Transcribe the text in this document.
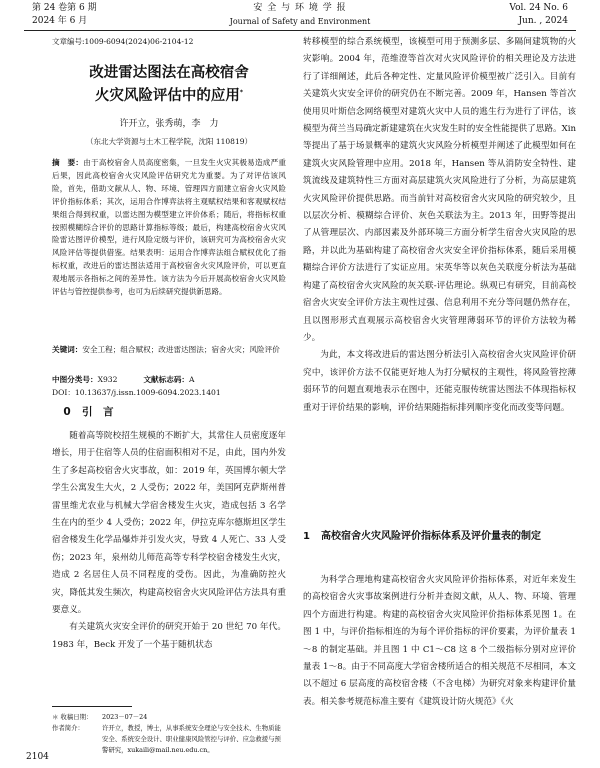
第 24 卷第 6 期
2024 年 6 月
安 全 与 环 境 学 报
Journal of Safety and Environment
Vol. 24 No. 6
Jun. , 2024
文章编号:1009-6094(2024)06-2104-12
改进雷达图法在高校宿舍
火灾风险评估中的应用*
许开立，张秀萌，李　力
（东北大学资源与土木工程学院，沈阳 110819）
摘　要：由于高校宿舍人员高度密集，一旦发生火灾其极易造成严重后果，因此高校宿舍火灾风险评估研究尤为重要。为了对评估该风险，首先，借助文献从人、物、环境、管理四方面建立宿舍火灾风险评价指标体系；其次，运用合作博弈法将主观赋权结果和客观赋权结果组合得到权重，以雷达图为模型建立评价体系；随后，将指标权重按照模糊综合评价的思路计算指标等级；最后，构建高校宿舍火灾风险雷达图评价模型，进行风险定级与评价，该研究可为高校宿舍火灾风险评估等提供借鉴。结果表明：运用合作博弈法组合赋权优化了指标权重，改进后的雷达图法适用于高校宿舍火灾风险评价，可以更直观地展示各指标之间的差异性。该方法为今后开展高校宿舍火灾风险评估与管控提供参考，也可为后续研究提供新思路。
关键词：安全工程；组合赋权；改进雷达图法；宿舍火灾；风险评价
中图分类号：X932	文献标志码：A
DOI：10.13637/j.issn.1009-6094.2023.1401
0 引　言

随着高等院校招生规模的不断扩大，其常住人员密度逐年增长，用于住宿等人员的住宿面积相对不足，由此，国内外发生了多起高校宿舍火灾事故，如：2019 年，英国博尔顿大学学生公寓发生大火，2 人受伤；2022 年，美国阿克萨斯州普雷里维尤农业与机械大学宿舍楼发生火灾，造成包括 3 名学生在内的至少 4 人受伤；2022 年，伊拉克库尔德斯坦区学生宿舍楼发生化学品爆炸并引发火灾，导致 4 人死亡、33 人受伤；2023 年，泉州幼儿师范高等专科学校宿舍楼发生火灾，造成 2 名居住人员不同程度的受伤。因此，为准确防控火灾，降低其发生频次，构建高校宿舍火灾风险评估方法具有重要意义。

有关建筑火灾安全评价的研究开始于 20 世纪 70 年代。1983 年，Beck 开发了一个基于随机状态

＊ 收稿日期：	2023－07－24
作者简介：	许开立，教授，博士，从事系统安全理论与安全技术、生物质能安全、系统安全设计、职业健康风险管控与评价、应急救援与预警研究，xukaili@mail.neu.edu.cn。
2104

转移模型的综合系统模型，该模型可用于预测多层、多隔间建筑物的火灾影响。2004 年，范维澄等首次对火灾风险评价的相关理论及方法进行了详细阐述，此后各种定性、定量风险评价模型被广泛引入。目前有关建筑火灾安全评价的研究仍在不断完善。2009 年，Hansen 等首次使用贝叶斯信念网络模型对建筑火灾中人员的逃生行为进行了评估，该模型为荷兰当局确定新建建筑在火灾发生时的安全性能提供了思路。Xin 等提出了基于场景概率的建筑火灾风险分析模型并阐述了此模型如何在建筑火灾风险管理中应用。2018 年，Hansen 等从消防安全特性、建筑流线及建筑特性三方面对高层建筑火灾风险进行了分析，为高层建筑火灾风险评价提供思路。而当前针对高校宿舍火灾风险的研究较少，且以层次分析、模糊综合评价、灰色关联法为主。2013 年，田野等提出了从管理层次、内部因素及外部环境三方面分析学生宿舍火灾风险的思路，并以此为基础构建了高校宿舍火灾安全评价指标体系，随后采用模糊综合评价方法进行了实证应用。宋英华等以灰色关联度分析法为基础构建了高校宿舍火灾风险的灰关联-评估理论。纵观已有研究，目前高校宿舍火灾安全评价方法主观性过强、信息利用不充分等问题仍然存在，且以图形形式直观展示高校宿舍火灾管理薄弱环节的评价方法较为稀少。

为此，本文将改进后的雷达图分析法引入高校宿舍火灾风险评价研究中，该评价方法不仅能更好地人为打分赋权的主观性，将风险管控薄弱环节的问题直观地表示在图中，还能克服传统雷达图法不体现指标权重对于评价结果的影响，评价结果随指标排列顺序变化而改变等问题。

1 高校宿舍火灾风险评价指标体系及评价量表的制定

为科学合理地构建高校宿舍火灾风险评价指标体系，对近年来发生的高校宿舍火灾事故案例进行分析并查阅文献，从人、物、环境、管理四个方面进行构建。构建的高校宿舍火灾风险评价指标体系见图 1。在图 1 中，与评价指标相连的为每个评价指标的评价要素，为评价量表 1～8 的制定基础。并且图 1 中 C1～C8 这 8 个二级指标分别对应评价量表 1～8。由于不同高度大学宿舍楼所适合的相关规范不尽相同，本文以不超过 6 层高度的高校宿舍楼（不含电梯）为研究对象来构建评价量表。相关参考规范标准主要有《建筑设计防火规范》《火
